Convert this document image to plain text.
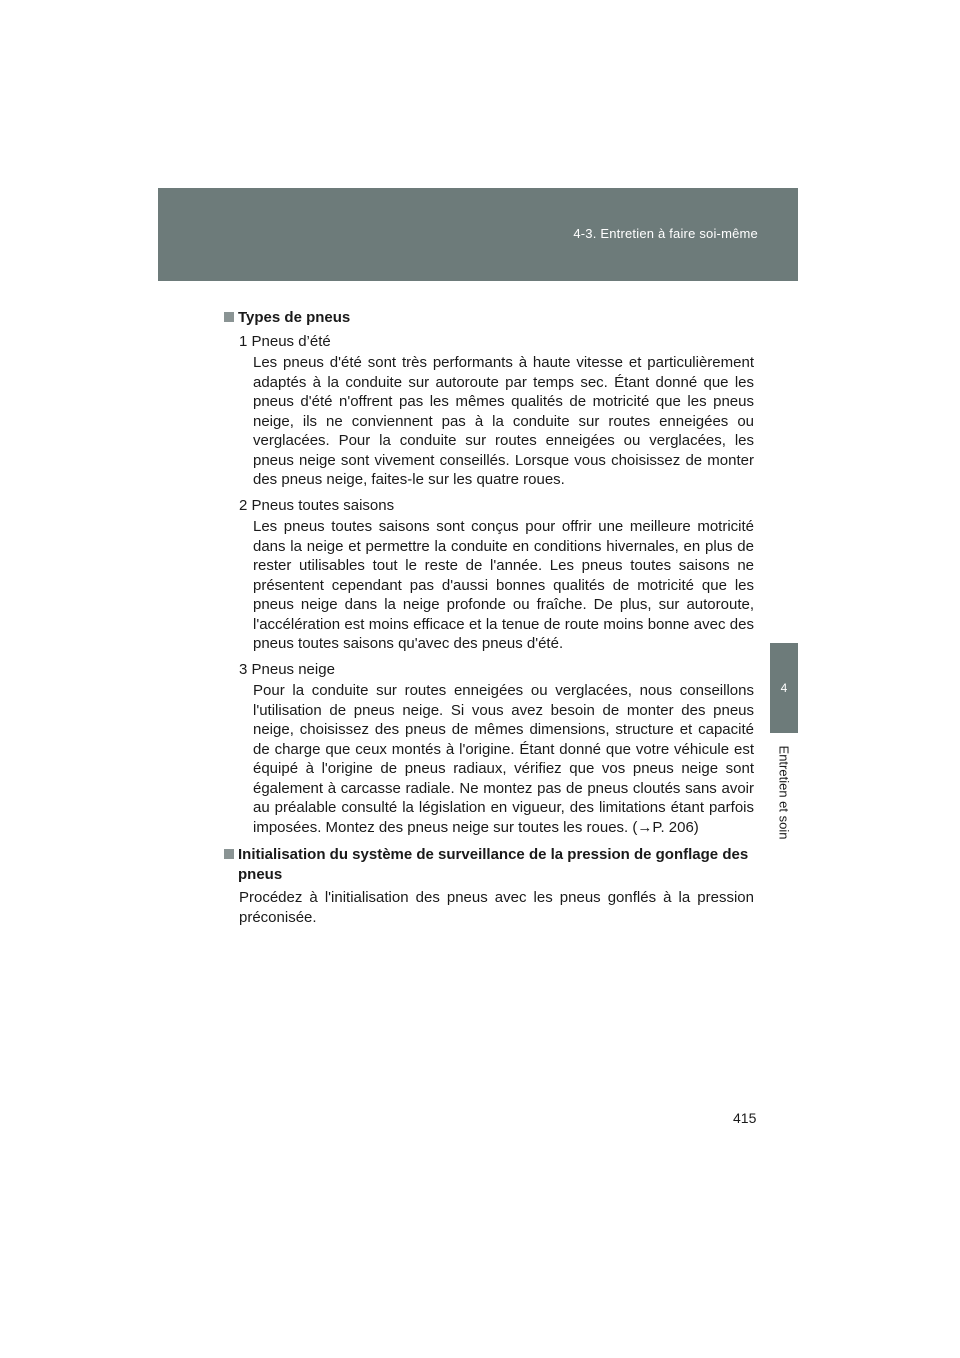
4-3. Entretien à faire soi-même
4
Entretien et soin
Types de pneus
1 Pneus d’été
Les pneus d'été sont très performants à haute vitesse et particulièrement adaptés à la conduite sur autoroute par temps sec. Étant donné que les pneus d'été n'offrent pas les mêmes qualités de motricité que les pneus neige, ils ne conviennent pas à la conduite sur routes enneigées ou verglacées. Pour la conduite sur routes enneigées ou verglacées, les pneus neige sont vivement conseillés. Lorsque vous choisissez de monter des pneus neige, faites-le sur les quatre roues.
2 Pneus toutes saisons
Les pneus toutes saisons sont conçus pour offrir une meilleure motricité dans la neige et permettre la conduite en conditions hivernales, en plus de rester utilisables tout le reste de l'année. Les pneus toutes saisons ne présentent cependant pas d'aussi bonnes qualités de motricité que les pneus neige dans la neige profonde ou fraîche. De plus, sur autoroute, l'accélération est moins efficace et la tenue de route moins bonne avec des pneus toutes saisons qu'avec des pneus d'été.
3 Pneus neige
Pour la conduite sur routes enneigées ou verglacées, nous conseillons l'utilisation de pneus neige. Si vous avez besoin de monter des pneus neige, choisissez des pneus de mêmes dimensions, structure et capacité de charge que ceux montés à l'origine. Étant donné que votre véhicule est équipé à l'origine de pneus radiaux, vérifiez que vos pneus neige sont également à carcasse radiale. Ne montez pas de pneus cloutés sans avoir au préalable consulté la législation en vigueur, des limitations étant parfois imposées. Montez des pneus neige sur toutes les roues. (→P. 206)
Initialisation du système de surveillance de la pression de gonflage des pneus
Procédez à l'initialisation des pneus avec les pneus gonflés à la pression préconisée.
415
